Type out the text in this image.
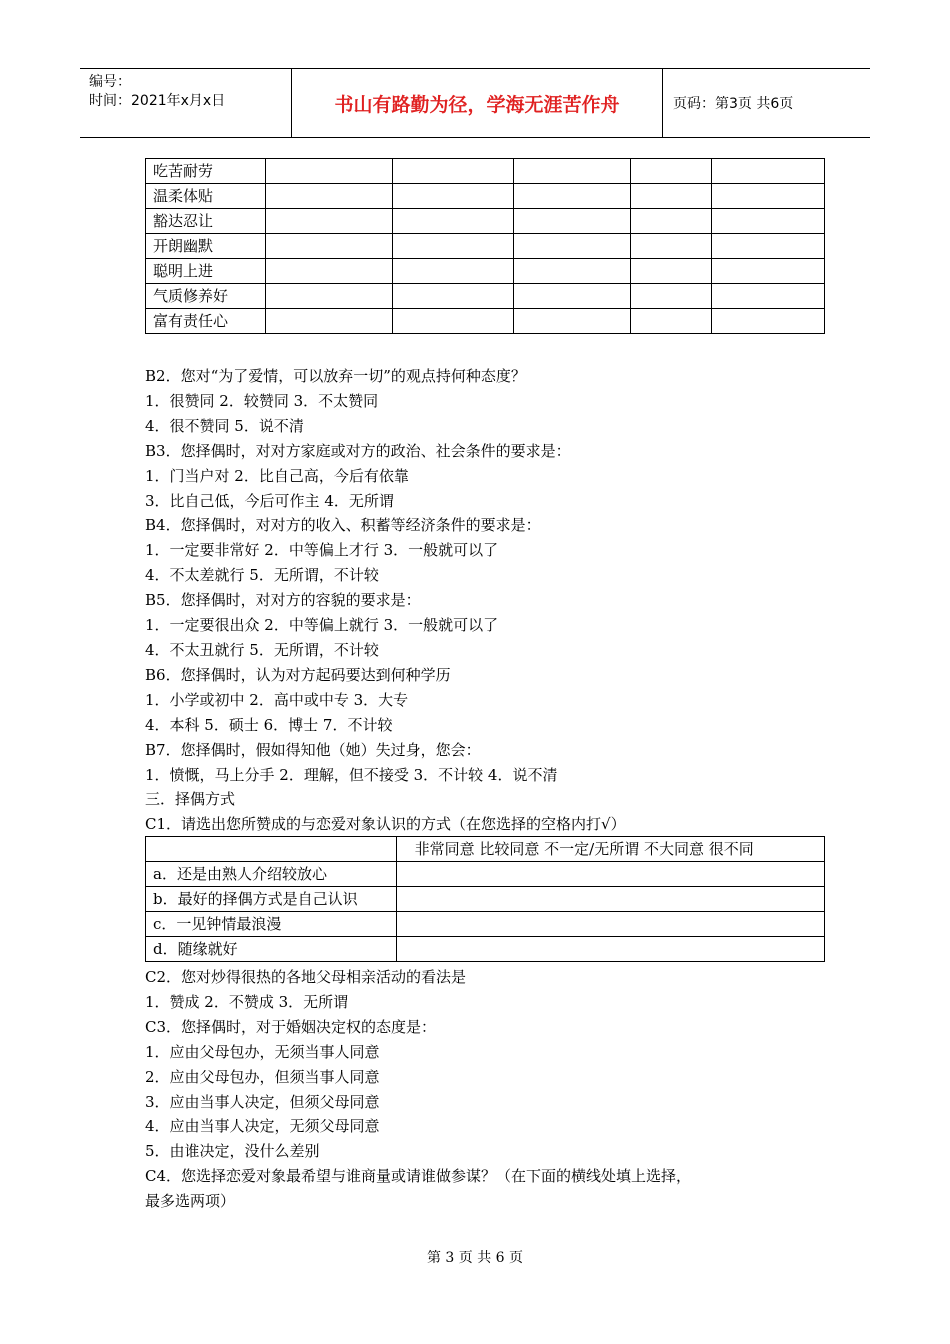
编号：
时间：2021年x月x日	书山有路勤为径，学海无涯苦作舟	页码：第3页 共6页
吃苦耐劳					
温柔体贴					
豁达忍让					
开朗幽默					
聪明上进					
气质修养好					
富有责任心					
B2．您对“为了爱情，可以放弃一切”的观点持何种态度？
1．很赞同 2．较赞同 3．不太赞同
4．很不赞同 5．说不清
B3．您择偶时，对对方家庭或对方的政治、社会条件的要求是：
1．门当户对 2．比自己高，今后有依靠
3．比自己低，今后可作主 4．无所谓
B4．您择偶时，对对方的收入、积蓄等经济条件的要求是：
1．一定要非常好 2．中等偏上才行 3．一般就可以了
4．不太差就行 5．无所谓，不计较
B5．您择偶时，对对方的容貌的要求是：
1．一定要很出众 2．中等偏上就行 3．一般就可以了
4．不太丑就行 5．无所谓，不计较
B6．您择偶时，认为对方起码要达到何种学历
1．小学或初中 2．高中或中专 3．大专
4．本科 5．硕士 6．博士 7．不计较
B7．您择偶时，假如得知他（她）失过身，您会：
1．愤慨，马上分手 2．理解，但不接受 3．不计较 4．说不清
三．择偶方式
C1．请选出您所赞成的与恋爱对象认识的方式（在您选择的空格内打√）
	非常同意 比较同意 不一定/无所谓 不大同意 很不同
a．还是由熟人介绍较放心	
b．最好的择偶方式是自己认识	
c．一见钟情最浪漫	
d．随缘就好	
C2．您对炒得很热的各地父母相亲活动的看法是
1．赞成 2．不赞成 3．无所谓
C3．您择偶时，对于婚姻决定权的态度是：
1．应由父母包办，无须当事人同意
2．应由父母包办，但须当事人同意
3．应由当事人决定，但须父母同意
4．应由当事人决定，无须父母同意
5．由谁决定，没什么差别
C4．您选择恋爱对象最希望与谁商量或请谁做参谋？（在下面的横线处填上选择，
最多选两项）
第 3 页 共 6 页
